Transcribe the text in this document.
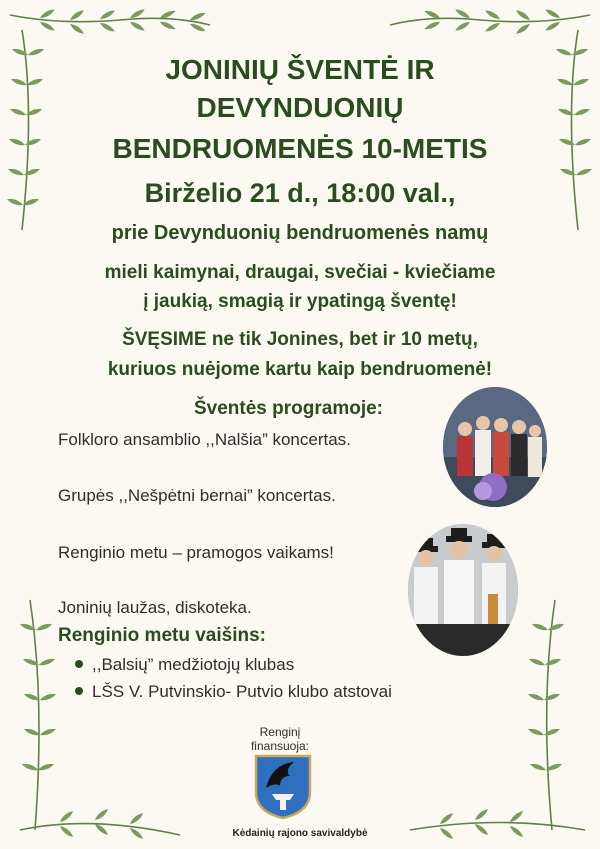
JONINIŲ ŠVENTĖ IR
DEVYNDUONIŲ
BENDRUOMENĖS 10-METIS
Birželio 21 d., 18:00 val.,
prie Devynduonių bendruomenės namų
mieli kaimynai, draugai, svečiai - kviečiame
į jaukią, smagią ir ypatingą šventę!
ŠVĘSIME ne tik Jonines, bet ir 10 metų,
kuriuos nuėjome kartu kaip bendruomenė!
Šventės programoje:
Folkloro ansamblio ,,Nalšia” koncertas.
Grupės ,,Nešpėtni bernai” koncertas.
Renginio metu – pramogos vaikams!
Joninių laužas, diskoteka.
Renginio metu vaišins:
,,Balsių” medžiotojų klubas
LŠS V. Putvinskio- Putvio klubo atstovai
Renginį
finansuoja:
Kėdainių rajono savivaldybė
